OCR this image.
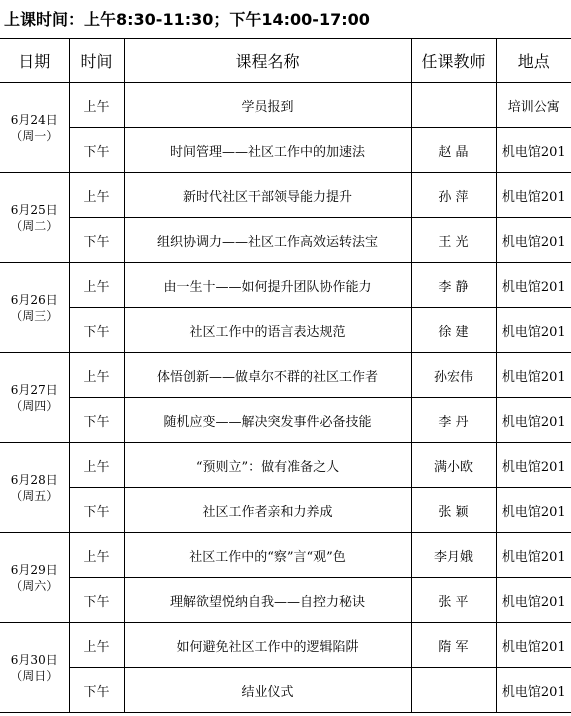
上课时间：上午8:30-11:30；下午14:00-17:00
日期	时间	课程名称	任课教师	地点

6月24日
（周一）	上午	学员报到		培训公寓
	下午	时间管理——社区工作中的加速法	赵 晶	机电馆201

6月25日
（周二）	上午	新时代社区干部领导能力提升	孙 萍	机电馆201
	下午	组织协调力——社区工作高效运转法宝	王 光	机电馆201

6月26日
（周三）	上午	由一生十——如何提升团队协作能力	李 静	机电馆201
	下午	社区工作中的语言表达规范	徐 建	机电馆201

6月27日
（周四）	上午	体悟创新——做卓尔不群的社区工作者	孙宏伟	机电馆201
	下午	随机应变——解决突发事件必备技能	李 丹	机电馆201

6月28日
（周五）	上午	“预则立”：做有准备之人	满小欧	机电馆201
	下午	社区工作者亲和力养成	张 颖	机电馆201

6月29日
（周六）	上午	社区工作中的“察”言“观”色	李月娥	机电馆201
	下午	理解欲望悦纳自我——自控力秘诀	张 平	机电馆201

6月30日
（周日）	上午	如何避免社区工作中的逻辑陷阱	隋 军	机电馆201
	下午	结业仪式		机电馆201
